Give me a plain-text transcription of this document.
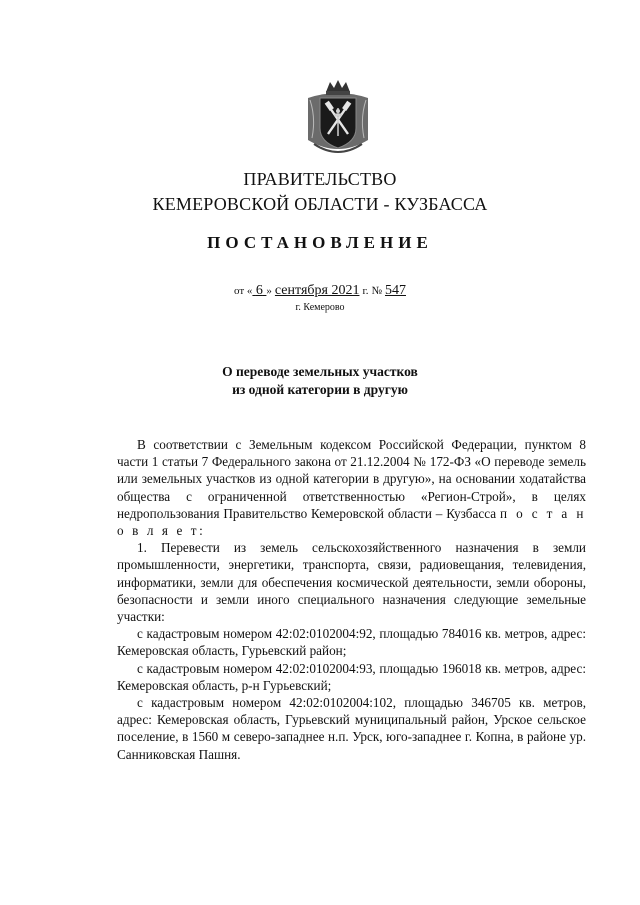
ПРАВИТЕЛЬСТВО
КЕМЕРОВСКОЙ ОБЛАСТИ - КУЗБАССА
ПОСТАНОВЛЕНИЕ
от « 6 » сентября 2021 г. № 547
г. Кемерово
О переводе земельных участков
из одной категории в другую

В соответствии с Земельным кодексом Российской Федерации, пунктом 8 части 1 статьи 7 Федерального закона от 21.12.2004 № 172-ФЗ «О переводе земель или земельных участков из одной категории в другую», на основании ходатайства общества с ограниченной ответственностью «Регион-Строй», в целях недропользования Правительство Кемеровской области – Кузбасса п о с т а н о в л я е т:

1. Перевести из земель сельскохозяйственного назначения в земли промышленности, энергетики, транспорта, связи, радиовещания, телевидения, информатики, земли для обеспечения космической деятельности, земли обороны, безопасности и земли иного специального назначения следующие земельные участки:

с кадастровым номером 42:02:0102004:92, площадью 784016 кв. метров, адрес: Кемеровская область, Гурьевский район;

с кадастровым номером 42:02:0102004:93, площадью 196018 кв. метров, адрес: Кемеровская область, р-н Гурьевский;

с кадастровым номером 42:02:0102004:102, площадью 346705 кв. метров, адрес: Кемеровская область, Гурьевский муниципальный район, Урское сельское поселение, в 1560 м северо-западнее н.п. Урск, юго-западнее г. Копна, в районе ур. Санниковская Пашня.
